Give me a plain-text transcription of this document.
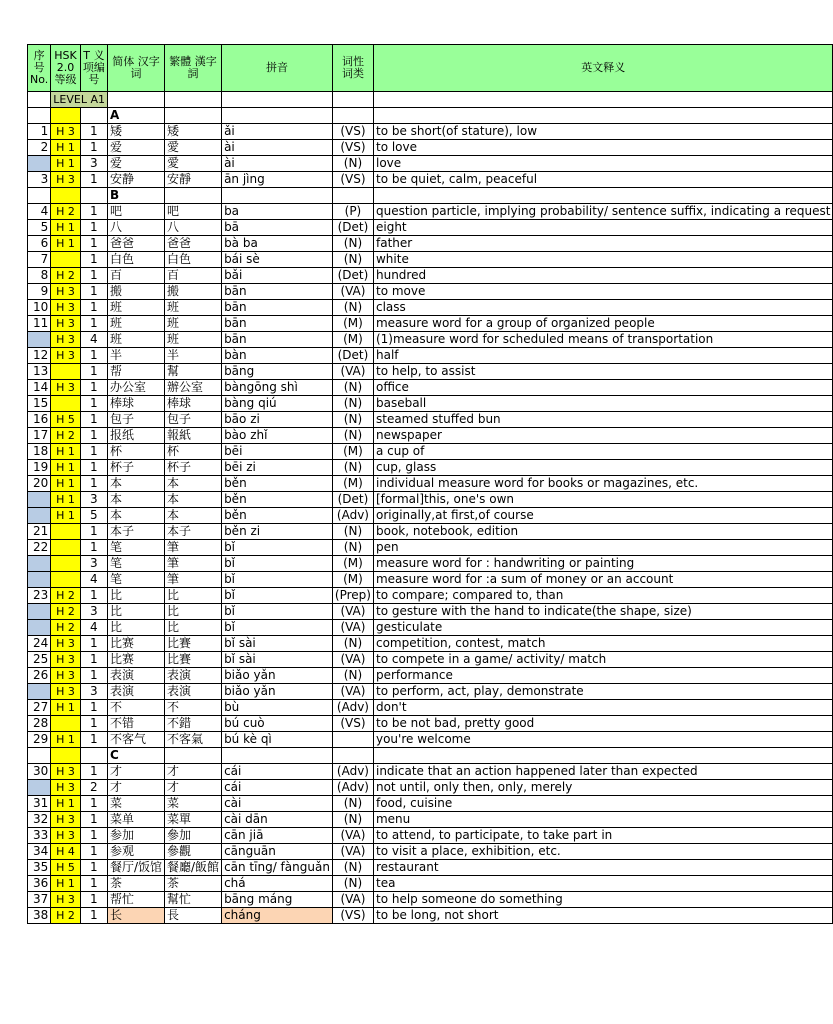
序号 No.	HSK 2.0 等级	T 义项编号	简体 汉字词	繁體 漢字詞	拼音	词性 词类	英文释义
	LEVEL A1						
			A				
1	H 3	1	矮	矮	ǎi	(VS)	to be short(of stature), low
2	H 1	1	爱	愛	ài	(VS)	to love
	H 1	3	爱	愛	ài	(N)	love
3	H 3	1	安静	安靜	ān jìng	(VS)	to be quiet, calm, peaceful
			B				
4	H 2	1	吧	吧	ba	(P)	question particle, implying probability/ sentence suffix, indicating a request
5	H 1	1	八	八	bā	(Det)	eight
6	H 1	1	爸爸	爸爸	bà ba	(N)	father
7		1	白色	白色	bái sè	(N)	white
8	H 2	1	百	百	bǎi	(Det)	hundred
9	H 3	1	搬	搬	bān	(VA)	to move
10	H 3	1	班	班	bān	(N)	class
11	H 3	1	班	班	bān	(M)	measure word for a group of organized people
	H 3	4	班	班	bān	(M)	(1)measure word for scheduled means of transportation
12	H 3	1	半	半	bàn	(Det)	half
13		1	帮	幫	bāng	(VA)	to help, to assist
14	H 3	1	办公室	辦公室	bàngōng shì	(N)	office
15		1	棒球	棒球	bàng qiú	(N)	baseball
16	H 5	1	包子	包子	bāo zi	(N)	steamed stuffed bun
17	H 2	1	报纸	報紙	bào zhǐ	(N)	newspaper
18	H 1	1	杯	杯	bēi	(M)	a cup of
19	H 1	1	杯子	杯子	bēi zi	(N)	cup, glass
20	H 1	1	本	本	běn	(M)	individual measure word for books or magazines, etc.
	H 1	3	本	本	běn	(Det)	[formal]this, one's own
	H 1	5	本	本	běn	(Adv)	originally,at first,of course
21		1	本子	本子	běn zi	(N)	book, notebook, edition
22		1	笔	筆	bǐ	(N)	pen
		3	笔	筆	bǐ	(M)	measure word for : handwriting or painting
		4	笔	筆	bǐ	(M)	measure word for :a sum of money or an account
23	H 2	1	比	比	bǐ	(Prep)	to compare; compared to, than
	H 2	3	比	比	bǐ	(VA)	to gesture with the hand to indicate(the shape, size)
	H 2	4	比	比	bǐ	(VA)	gesticulate
24	H 3	1	比赛	比賽	bǐ sài	(N)	competition, contest, match
25	H 3	1	比赛	比賽	bǐ sài	(VA)	to compete in a game/ activity/ match
26	H 3	1	表演	表演	biǎo yǎn	(N)	performance
	H 3	3	表演	表演	biǎo yǎn	(VA)	to perform, act, play, demonstrate
27	H 1	1	不	不	bù	(Adv)	don't
28		1	不错	不錯	bú cuò	(VS)	to be not bad, pretty good
29	H 1	1	不客气	不客氣	bú kè qì		you're welcome
			C				
30	H 3	1	才	才	cái	(Adv)	indicate that an action happened later than expected
	H 3	2	才	才	cái	(Adv)	not until, only then, only, merely
31	H 1	1	菜	菜	cài	(N)	food, cuisine
32	H 3	1	菜单	菜單	cài dān	(N)	menu
33	H 3	1	参加	參加	cān jiā	(VA)	to attend, to participate, to take part in
34	H 4	1	参观	參觀	cānguān	(VA)	to visit a place, exhibition, etc.
35	H 5	1	餐厅/饭馆	餐廳/飯館	cān tīng/ fànguǎn	(N)	restaurant
36	H 1	1	茶	茶	chá	(N)	tea
37	H 3	1	帮忙	幫忙	bāng máng	(VA)	to help someone do something
38	H 2	1	长	長	cháng	(VS)	to be long, not short
